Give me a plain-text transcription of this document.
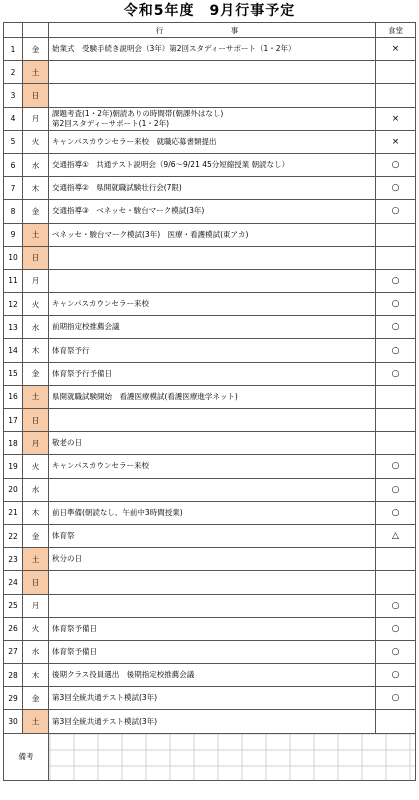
令和5年度　9月行事予定
		行　事	食堂
1	金	始業式　受験手続き説明会（3年）第2回スタディーサポート（1・2年）	×
2	土		
3	日		
4	月	課題考査(1・2年)朝読ありの時間帯(朝課外はなし)
第2回スタディーサポート(1・2年)	×
5	火	キャンパスカウンセラー来校　就職応募書類提出	×
6	水	交通指導①　共通テスト説明会（9/6〜9/21 45分短縮授業 朝読なし）	○
7	木	交通指導②　県開就職試験壮行会(7限)	○
8	金	交通指導③　ベネッセ・駿台マーク模試(3年)	○
9	土	ベネッセ・駿台マーク模試(3年)　医療・看護模試(東アカ)	

10	日		
11	月		○
12	火	キャンパスカウンセラー来校	○
13	水	前期指定校推薦会議	○
14	木	体育祭予行	○
15	金	体育祭予行予備日	○
16	土	県開就職試験開始　看護医療模試(看護医療進学ネット)	

17	日		
18	月	敬老の日	

19	火	キャンパスカウンセラー来校	○
20	水		○
21	木	前日準備(朝読なし、午前中3時間授業)	○
22	金	体育祭	△
23	土	秋分の日	

24	日		
25	月		○
26	火	体育祭予備日	○
27	水	体育祭予備日	○
28	木	後期クラス役員選出　後期指定校推薦会議	○
29	金	第3回全統共通テスト模試(3年)	○
30	土	第3回全統共通テスト模試(3年)	

備考			
